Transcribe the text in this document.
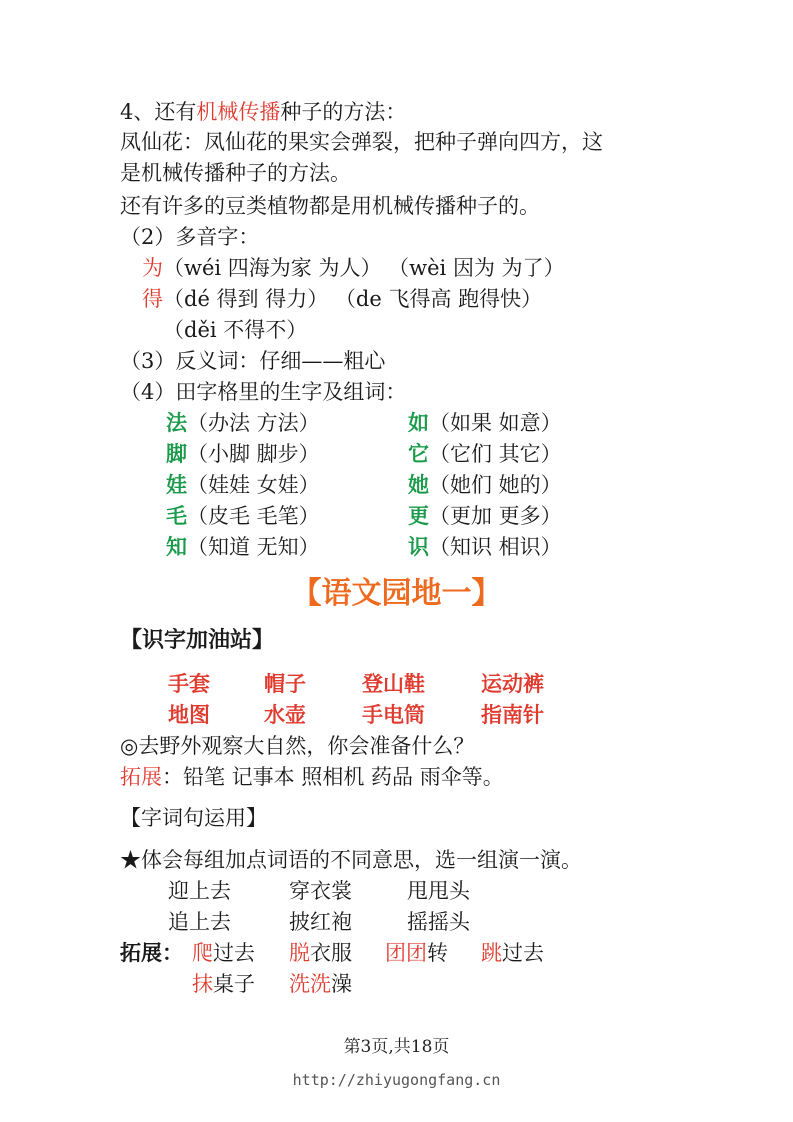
4、还有机械传播种子的方法：
凤仙花：凤仙花的果实会弹裂，把种子弹向四方，这
是机械传播种子的方法。
还有许多的豆类植物都是用机械传播种子的。
（2）多音字：
为（wéi 四海为家 为人） （wèi 因为 为了）
得（dé 得到 得力） （de 飞得高 跑得快）
（děi 不得不）
（3）反义词：仔细——粗心
（4）田字格里的生字及组词：
法（办法 方法）	如（如果 如意）
脚（小脚 脚步）	它（它们 其它）
娃（娃娃 女娃）	她（她们 她的）
毛（皮毛 毛笔）	更（更加 更多）
知（知道 无知）	识（知识 相识）
【语文园地一】
【识字加油站】
手套	帽子	登山鞋	运动裤
地图	水壶	手电筒	指南针
◎去野外观察大自然，你会准备什么？
拓展：铅笔 记事本 照相机 药品 雨伞等。
【字词句运用】
★体会每组加点词语的不同意思，选一组演一演。
迎上去	穿衣裳	甩甩头
追上去	披红袍	摇摇头
拓展： 爬过去 脱衣服 团团转 跳过去
抹桌子 洗洗澡
第3页,共18页
http://zhiyugongfang.cn
